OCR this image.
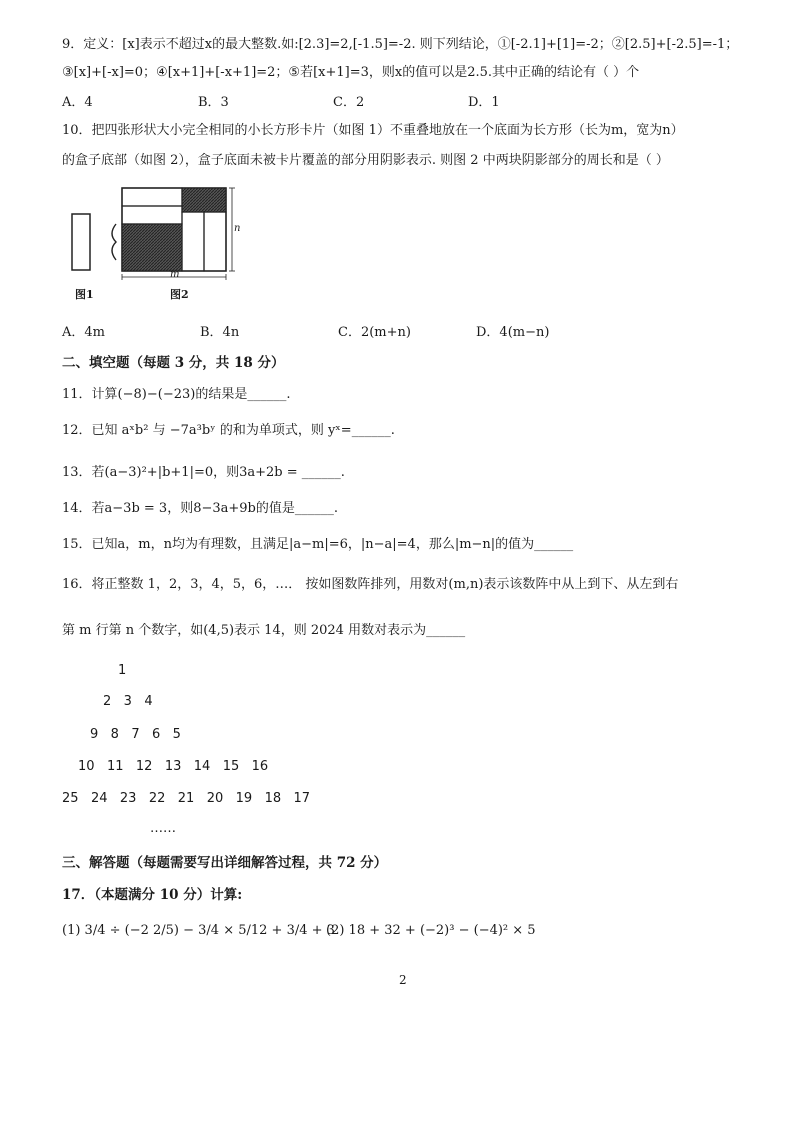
9．定义：[x]表示不超过x的最大整数.如:[2.3]=2,[-1.5]=-2. 则下列结论，①[-2.1]+[1]=-2；②[2.5]+[-2.5]=-1；
③[x]+[-x]=0；④[x+1]+[-x+1]=2；⑤若[x+1]=3，则x的值可以是2.5.其中正确的结论有（ ）个
A．4	B．3	C．2	D．1
10．把四张形状大小完全相同的小长方形卡片（如图 1）不重叠地放在一个底面为长方形（长为m，宽为n）
的盒子底部（如图 2），盒子底面未被卡片覆盖的部分用阴影表示. 则图 2 中两块阴影部分的周长和是（ ）
图1
n
m
图2
A．4m	B．4n	C．2(m+n)	D．4(m−n)
二、填空题（每题 3 分，共 18 分）
11．计算(−8)−(−23)的结果是______.
12．已知 aˣb² 与 −7a³bʸ 的和为单项式，则 yˣ=______.
13．若(a−3)²+|b+1|=0，则3a+2b = ______.
14．若a−3b = 3，则8−3a+9b的值是______.
15．已知a，m，n均为有理数，且满足|a−m|=6，|n−a|=4，那么|m−n|的值为______
16．将正整数 1，2，3，4，5，6，…． 按如图数阵排列，用数对(m,n)表示该数阵中从上到下、从左到右
第 m 行第 n 个数字，如(4,5)表示 14，则 2024 用数对表示为______
1
2   3   4
9   8   7   6   5
10   11   12   13   14   15   16
25   24   23   22   21   20   19   18   17
……
三、解答题（每题需要写出详细解答过程，共 72 分）
17．（本题满分 10 分）计算:
(1) 3/4 ÷ (−2 2/5) − 3/4 × 5/12 + 3/4 + 3
(2) 18 + 32 + (−2)³ − (−4)² × 5
2
